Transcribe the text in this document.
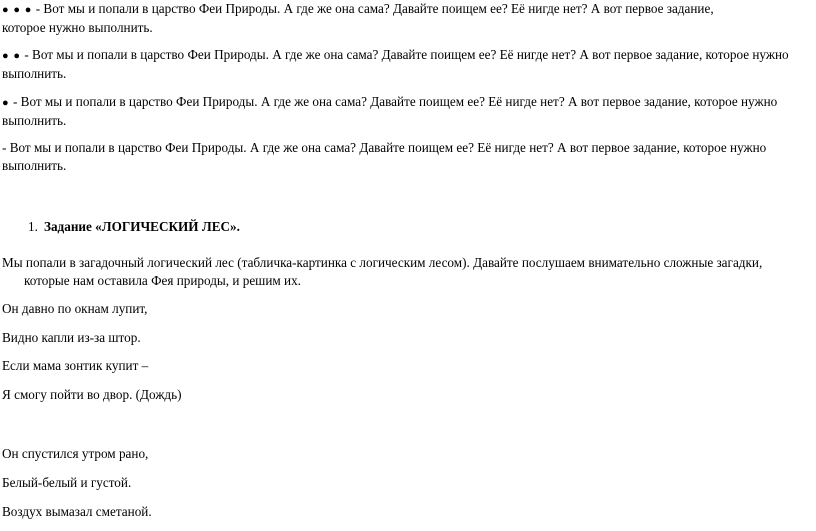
● ● ● - Вот мы и попали в царство Феи Природы. А где же она сама? Давайте поищем ее? Её нигде нет? А вот первое задание,
которое нужно выполнить.
● ● - Вот мы и попали в царство Феи Природы. А где же она сама? Давайте поищем ее? Её нигде нет? А вот первое задание, которое нужно
выполнить.
● - Вот мы и попали в царство Феи Природы. А где же она сама? Давайте поищем ее? Её нигде нет? А вот первое задание, которое нужно
выполнить.
- Вот мы и попали в царство Феи Природы. А где же она сама? Давайте поищем ее? Её нигде нет? А вот первое задание, которое нужно
выполнить.
1. Задание «ЛОГИЧЕСКИЙ ЛЕС».
Мы попали в загадочный логический лес (табличка-картинка с логическим лесом). Давайте послушаем внимательно сложные загадки,
которые нам оставила Фея природы, и решим их.
Он давно по окнам лупит,
Видно капли из-за штор.
Если мама зонтик купит –
Я смогу пойти во двор. (Дождь)
Он спустился утром рано,
Белый-белый и густой.
Воздух вымазал сметаной.
